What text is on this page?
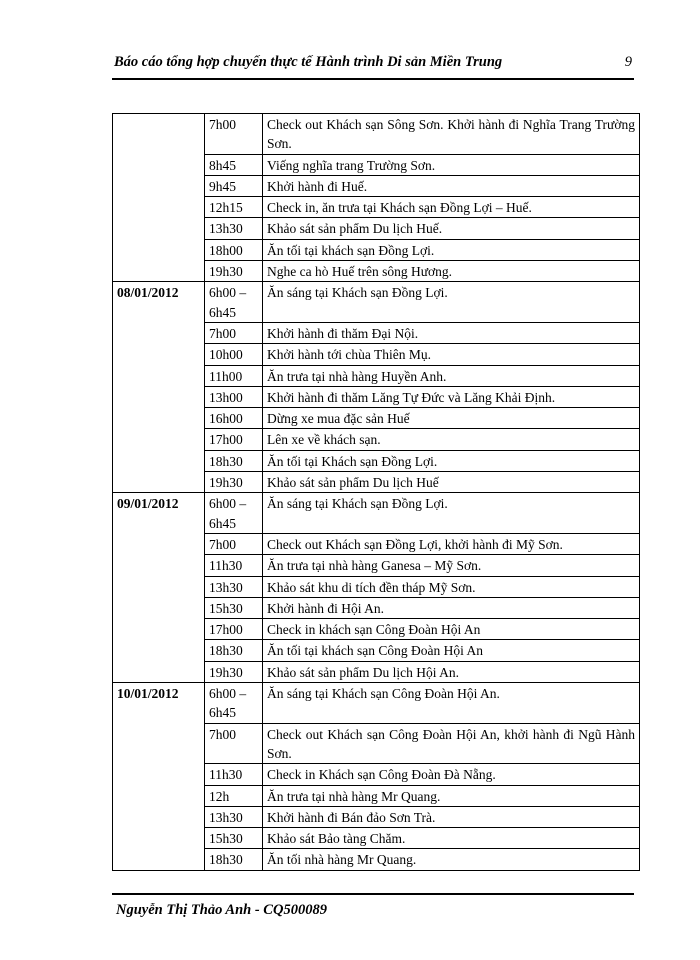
Báo cáo tổng hợp chuyến thực tế Hành trình Di sản Miền Trung	9
	7h00	Check out Khách sạn Sông Sơn. Khởi hành đi Nghĩa Trang Trường Sơn.
	8h45	Viếng nghĩa trang Trường Sơn.
	9h45	Khởi hành đi Huế.
	12h15	Check in, ăn trưa tại Khách sạn Đồng Lợi – Huế.
	13h30	Khảo sát sản phẩm Du lịch Huế.
	18h00	Ăn tối tại khách sạn Đồng Lợi.
	19h30	Nghe ca hò Huế trên sông Hương.
08/01/2012	6h00 – 6h45	Ăn sáng tại Khách sạn Đồng Lợi.
	7h00	Khởi hành đi thăm Đại Nội.
	10h00	Khởi hành tới chùa Thiên Mụ.
	11h00	Ăn trưa tại nhà hàng Huyền Anh.
	13h00	Khởi hành đi thăm Lăng Tự Đức và Lăng Khải Định.
	16h00	Dừng xe mua đặc sản Huế
	17h00	Lên xe về khách sạn.
	18h30	Ăn tối tại Khách sạn Đồng Lợi.
	19h30	Khảo sát sản phẩm Du lịch Huế
09/01/2012	6h00 – 6h45	Ăn sáng tại Khách sạn Đồng Lợi.
	7h00	Check out Khách sạn Đồng Lợi, khởi hành đi Mỹ Sơn.
	11h30	Ăn trưa tại nhà hàng Ganesa – Mỹ Sơn.
	13h30	Khảo sát khu di tích đền tháp Mỹ Sơn.
	15h30	Khởi hành đi Hội An.
	17h00	Check in khách sạn Công Đoàn Hội An
	18h30	Ăn tối tại khách sạn Công Đoàn Hội An
	19h30	Khảo sát sản phẩm Du lịch Hội An.
10/01/2012	6h00 – 6h45	Ăn sáng tại Khách sạn Công Đoàn Hội An.
	7h00	Check out Khách sạn Công Đoàn Hội An, khởi hành đi Ngũ Hành Sơn.
	11h30	Check in Khách sạn Công Đoàn Đà Nẵng.
	12h	Ăn trưa tại nhà hàng Mr Quang.
	13h30	Khởi hành đi Bán đảo Sơn Trà.
	15h30	Khảo sát Bảo tàng Chăm.
	18h30	Ăn tối nhà hàng Mr Quang.
Nguyễn Thị Thảo Anh - CQ500089
